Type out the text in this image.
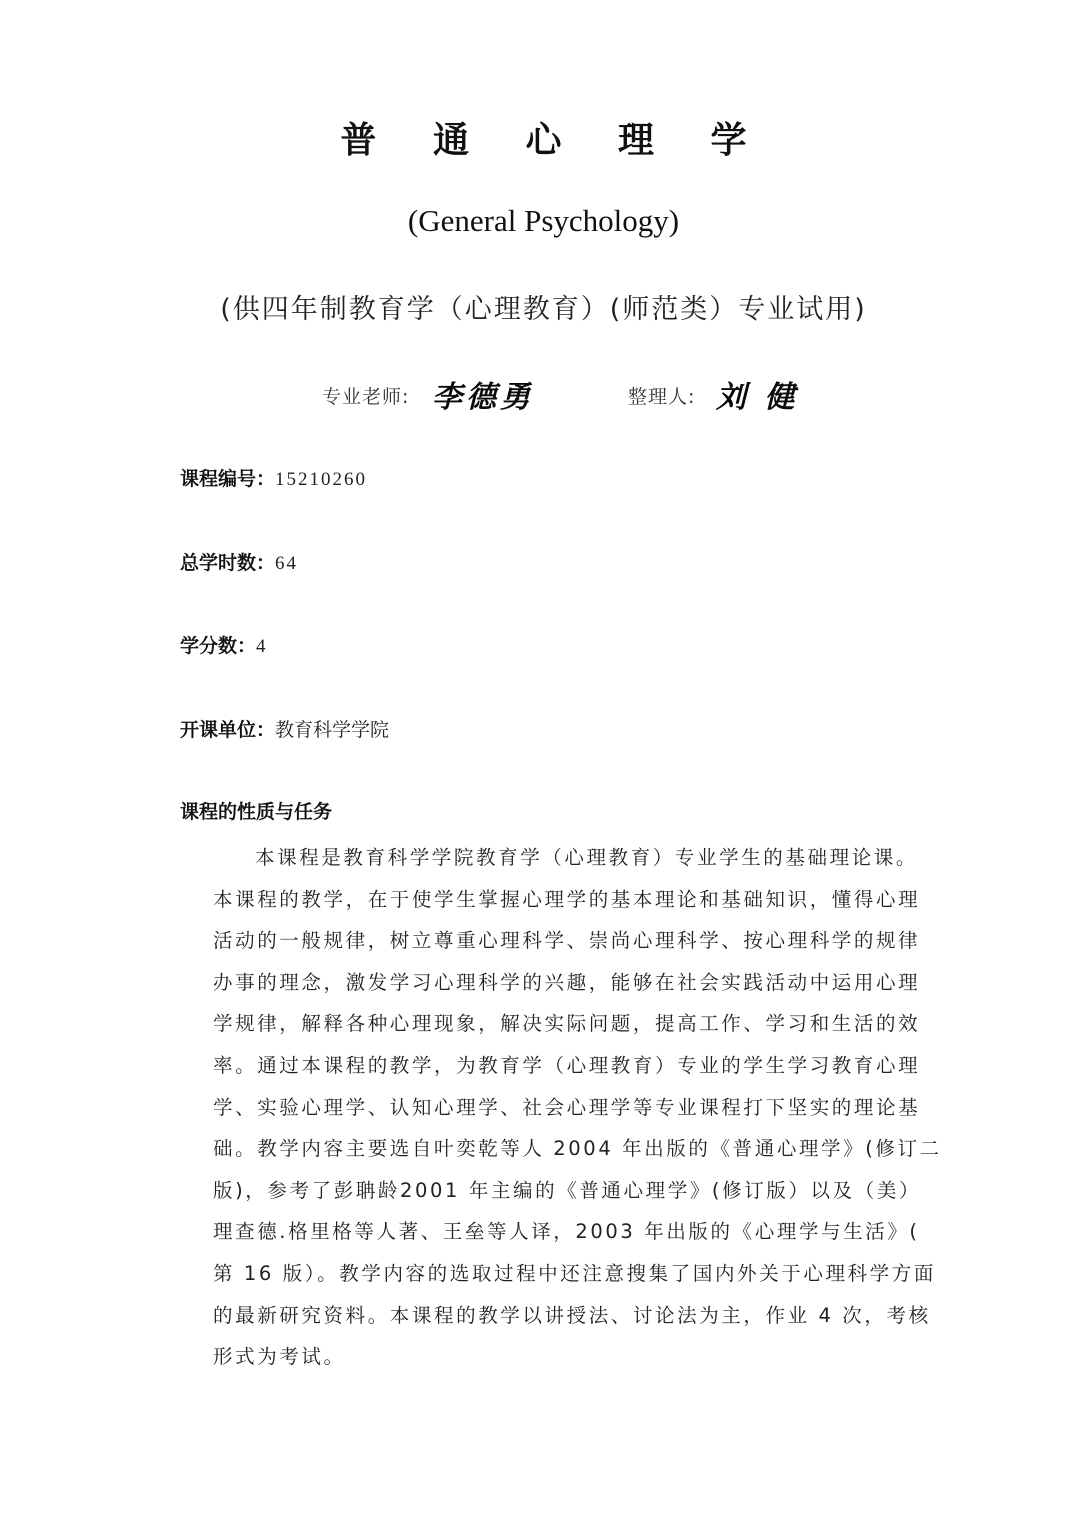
普 通 心 理 学
(General Psychology)
(供四年制教育学（心理教育）(师范类）专业试用)
专业老师: 李德勇	整理人: 刘 健
课程编号：15210260
总学时数：64
学分数：4
开课单位：教育科学学院
课程的性质与任务
本课程是教育科学学院教育学（心理教育）专业学生的基础理论课。
本课程的教学，在于使学生掌握心理学的基本理论和基础知识，懂得心理
活动的一般规律，树立尊重心理科学、崇尚心理科学、按心理科学的规律
办事的理念，激发学习心理科学的兴趣，能够在社会实践活动中运用心理
学规律，解释各种心理现象，解决实际问题，提高工作、学习和生活的效
率。通过本课程的教学，为教育学（心理教育）专业的学生学习教育心理
学、实验心理学、认知心理学、社会心理学等专业课程打下坚实的理论基
础。教学内容主要选自叶奕乾等人 2004 年出版的《普通心理学》(修订二
版)，参考了彭聃龄2001 年主编的《普通心理学》(修订版）以及（美）
理查德.格里格等人著、王垒等人译，2003 年出版的《心理学与生活》(
第 16 版）。教学内容的选取过程中还注意搜集了国内外关于心理科学方面
的最新研究资料。本课程的教学以讲授法、讨论法为主，作业 4 次，考核
形式为考试。
